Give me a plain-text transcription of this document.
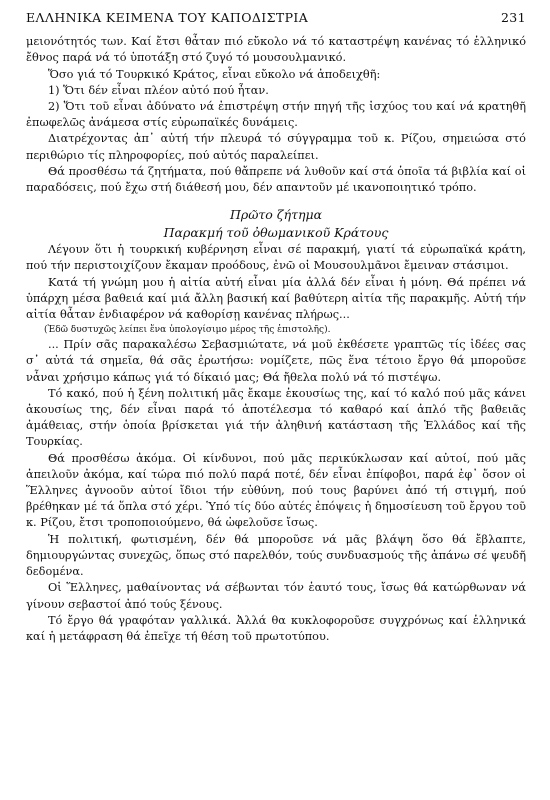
ΕΛΛΗΝΙΚΑ ΚΕΙΜΕΝΑ ΤΟΥ ΚΑΠΟΔΙΣΤΡΙΑ	231

μειονότητός των. Καί ἔτσι θἆταν πιό εὔκολο νά τό καταστρέψη κανένας τό ἑλληνικό ἔθνος παρά νά τό ὑποτάξη στό ζυγό τό μουσουλμανικό.

Ὅσο γιά τό Τουρκικό Κράτος, εἶναι εὔκολο νά ἀποδειχθῆ:

1) Ὅτι δέν εἶναι πλέον αὐτό πού ἦταν.

2) Ὅτι τοῦ εἶναι ἀδύνατο νά ἐπιστρέψη στήν πηγή τῆς ἰσχύος του καί νά κρατηθῆ ἐπωφελῶς ἀνάμεσα στίς εὐρωπαϊκές δυνάμεις.

Διατρέχοντας ἀπ᾽ αὐτή τήν πλευρά τό σύγγραμμα τοῦ κ. Ρίζου, σημειώσα στό περιθώριο τίς πληροφορίες, πού αὐτός παραλείπει.

Θά προσθέσω τά ζητήματα, πού θἄπρεπε νά λυθοῦν καί στά ὁποῖα τά βιβλία καί οἱ παραδόσεις, πού ἔχω στή διάθεσή μου, δέν απαντοῦν μέ ικανοποιητικό τρόπο.

Πρῶτο ζήτημα

Παρακμή τοῦ ὀθωμανικοῦ Κράτους

Λέγουν ὅτι ἡ τουρκική κυβέρνηση εἶναι σέ παρακμή, γιατί τά εὐρωπαϊκά κράτη, πού τήν περιστοιχίζουν ἔκαμαν προόδους, ἐνῶ οἱ Μουσουλμᾶνοι ἔμειναν στάσιμοι.

Κατά τή γνώμη μου ἡ αἰτία αὐτή εἶναι μία ἀλλά δέν εἶναι ἡ μόνη. Θά πρέπει νά ὑπάρχη μέσα βαθειά καί μιά ἄλλη βασική καί βαθύτερη αἰτία τῆς παρακμῆς. Αὐτή τήν αἰτία θἆταν ἐνδιαφέρον νά καθορίσῃ κανένας πλήρως...

(Ἐδῶ δυστυχῶς λείπει ἕνα ὑπολογίσιμο μέρος τῆς ἐπιστολῆς).

... Πρίν σᾶς παρακαλέσω Σεβασμιώτατε, νά μοῦ ἐκθέσετε γραπτῶς τίς ἰδέες σας σ᾽ αὐτά τά σημεῖα, θά σᾶς ἐρωτήσω: νομίζετε, πῶς ἕνα τέτοιο ἔργο θά μποροῦσε νἆναι χρήσιμο κάπως γιά τό δίκαιό μας; Θά ἤθελα πολύ νά τό πιστέψω.

Τό κακό, πού ἡ ξένη πολιτική μᾶς ἔκαμε ἑκουσίως της, καί τό καλό πού μᾶς κάνει ἀκουσίως της, δέν εἶναι παρά τό ἀποτέλεσμα τό καθαρό καί ἁπλό τῆς βαθειᾶς ἀμάθειας, στήν ὁποία βρίσκεται γιά τήν ἀληθινή κατάσταση τῆς Ἑλλάδος καί τῆς Τουρκίας.

Θά προσθέσω ἀκόμα. Οἱ κίνδυνοι, πού μᾶς περικύκλωσαν καί αὐτοί, πού μᾶς ἀπειλοῦν ἀκόμα, καί τώρα πιό πολύ παρά ποτέ, δέν εἶναι ἐπίφοβοι, παρά ἐφ᾽ ὅσον οἱ Ἕλληνες ἀγνοοῦν αὐτοί ἴδιοι τήν εὐθύνη, πού τους βαρύνει ἀπό τή στιγμή, πού βρέθηκαν μέ τά ὅπλα στό χέρι. Ὑπό τίς δύο αὐτές ἐπόψεις ἡ δημοσίευση τοῦ ἔργου τοῦ κ. Ρίζου, ἔτσι τροποποιούμενο, θά ὠφελοῦσε ἴσως.

Ἡ πολιτική, φωτισμένη, δέν θά μποροῦσε νά μᾶς βλάψη ὅσο θά ἔβλαπτε, δημιουργώντας συνεχῶς, ὅπως στό παρελθόν, τούς συνδυασμούς τῆς ἀπάνω σέ ψευδῆ δεδομένα.

Οἱ Ἕλληνες, μαθαίνοντας νά σέβωνται τόν ἑαυτό τους, ἴσως θά κατώρθωναν νά γίνουν σεβαστοί ἀπό τούς ξένους.

Τό ἔργο θά γραφόταν γαλλικά. Ἀλλά θα κυκλοφοροῦσε συγχρόνως καί ἑλληνικά καί ἡ μετάφραση θά ἐπεῖχε τή θέση τοῦ πρωτοτύπου.
